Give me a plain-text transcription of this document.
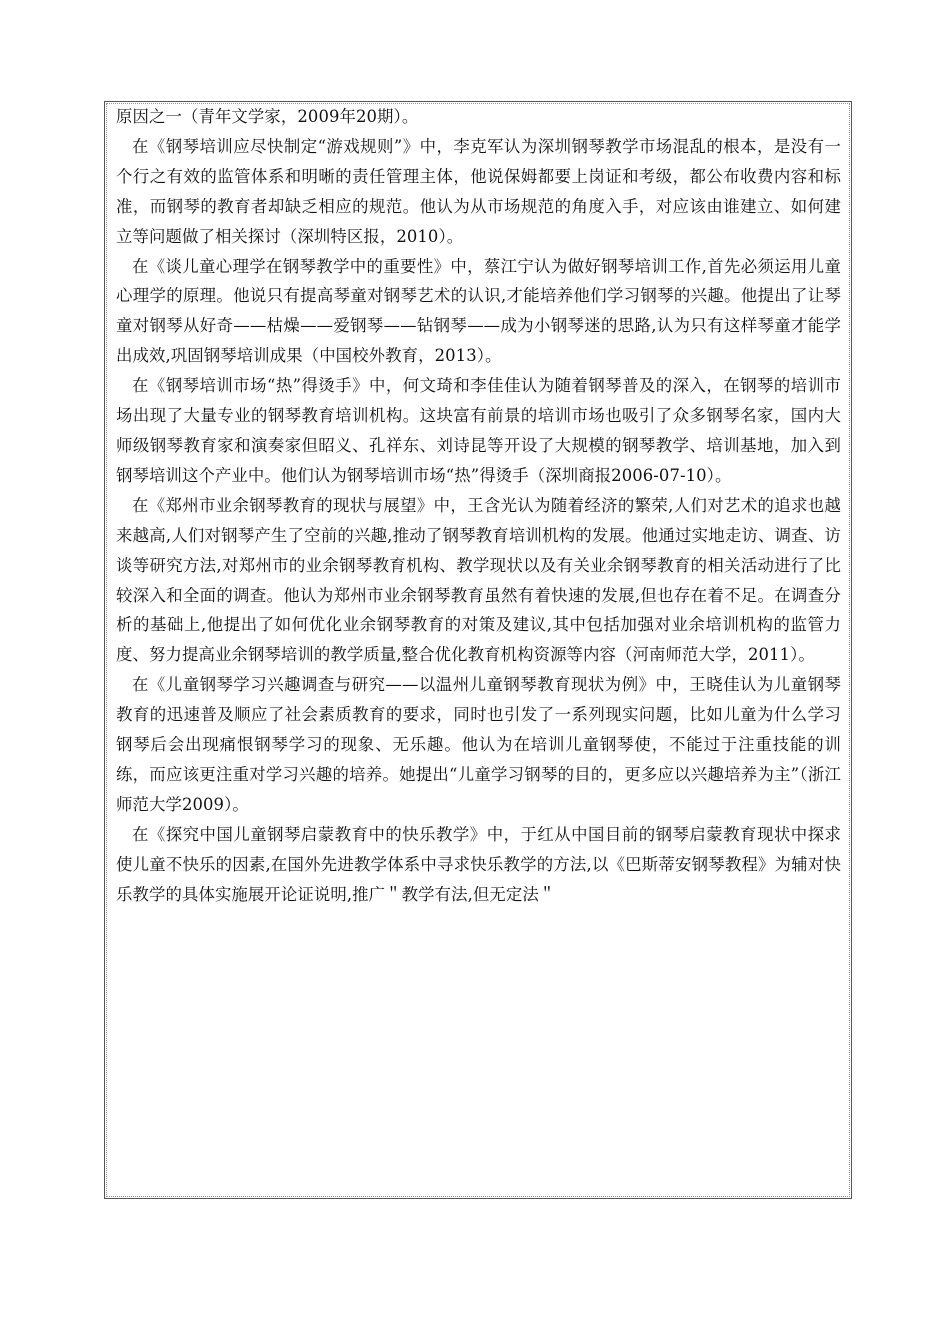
原因之一（青年文学家，2009年20期）。

在《钢琴培训应尽快制定“游戏规则”》中，李克军认为深圳钢琴教学市场混乱的根本，是没有一个行之有效的监管体系和明晰的责任管理主体，他说保姆都要上岗证和考级，都公布收费内容和标准，而钢琴的教育者却缺乏相应的规范。他认为从市场规范的角度入手，对应该由谁建立、如何建立等问题做了相关探讨（深圳特区报，2010）。

在《谈儿童心理学在钢琴教学中的重要性》中，蔡江宁认为做好钢琴培训工作,首先必须运用儿童心理学的原理。他说只有提高琴童对钢琴艺术的认识,才能培养他们学习钢琴的兴趣。他提出了让琴童对钢琴从好奇——枯燥——爱钢琴——钻钢琴——成为小钢琴迷的思路,认为只有这样琴童才能学出成效,巩固钢琴培训成果（中国校外教育，2013）。

在《钢琴培训市场“热”得烫手》中，何文琦和李佳佳认为随着钢琴普及的深入，在钢琴的培训市场出现了大量专业的钢琴教育培训机构。这块富有前景的培训市场也吸引了众多钢琴名家，国内大师级钢琴教育家和演奏家但昭义、孔祥东、刘诗昆等开设了大规模的钢琴教学、培训基地，加入到钢琴培训这个产业中。他们认为钢琴培训市场“热”得烫手（深圳商报2006-07-10）。

在《郑州市业余钢琴教育的现状与展望》中，王含光认为随着经济的繁荣,人们对艺术的追求也越来越高,人们对钢琴产生了空前的兴趣,推动了钢琴教育培训机构的发展。他通过实地走访、调查、访谈等研究方法,对郑州市的业余钢琴教育机构、教学现状以及有关业余钢琴教育的相关活动进行了比较深入和全面的调查。他认为郑州市业余钢琴教育虽然有着快速的发展,但也存在着不足。在调查分析的基础上,他提出了如何优化业余钢琴教育的对策及建议,其中包括加强对业余培训机构的监管力度、努力提高业余钢琴培训的教学质量,整合优化教育机构资源等内容（河南师范大学，2011）。

在《儿童钢琴学习兴趣调查与研究——以温州儿童钢琴教育现状为例》中，王晓佳认为儿童钢琴教育的迅速普及顺应了社会素质教育的要求，同时也引发了一系列现实问题，比如儿童为什么学习钢琴后会出现痛恨钢琴学习的现象、无乐趣。他认为在培训儿童钢琴使，不能过于注重技能的训练，而应该更注重对学习兴趣的培养。她提出“儿童学习钢琴的目的，更多应以兴趣培养为主”（浙江师范大学2009）。

在《探究中国儿童钢琴启蒙教育中的快乐教学》中，于红从中国目前的钢琴启蒙教育现状中探求使儿童不快乐的因素,在国外先进教学体系中寻求快乐教学的方法,以《巴斯蒂安钢琴教程》为辅对快乐教学的具体实施展开论证说明,推广＂教学有法,但无定法＂
